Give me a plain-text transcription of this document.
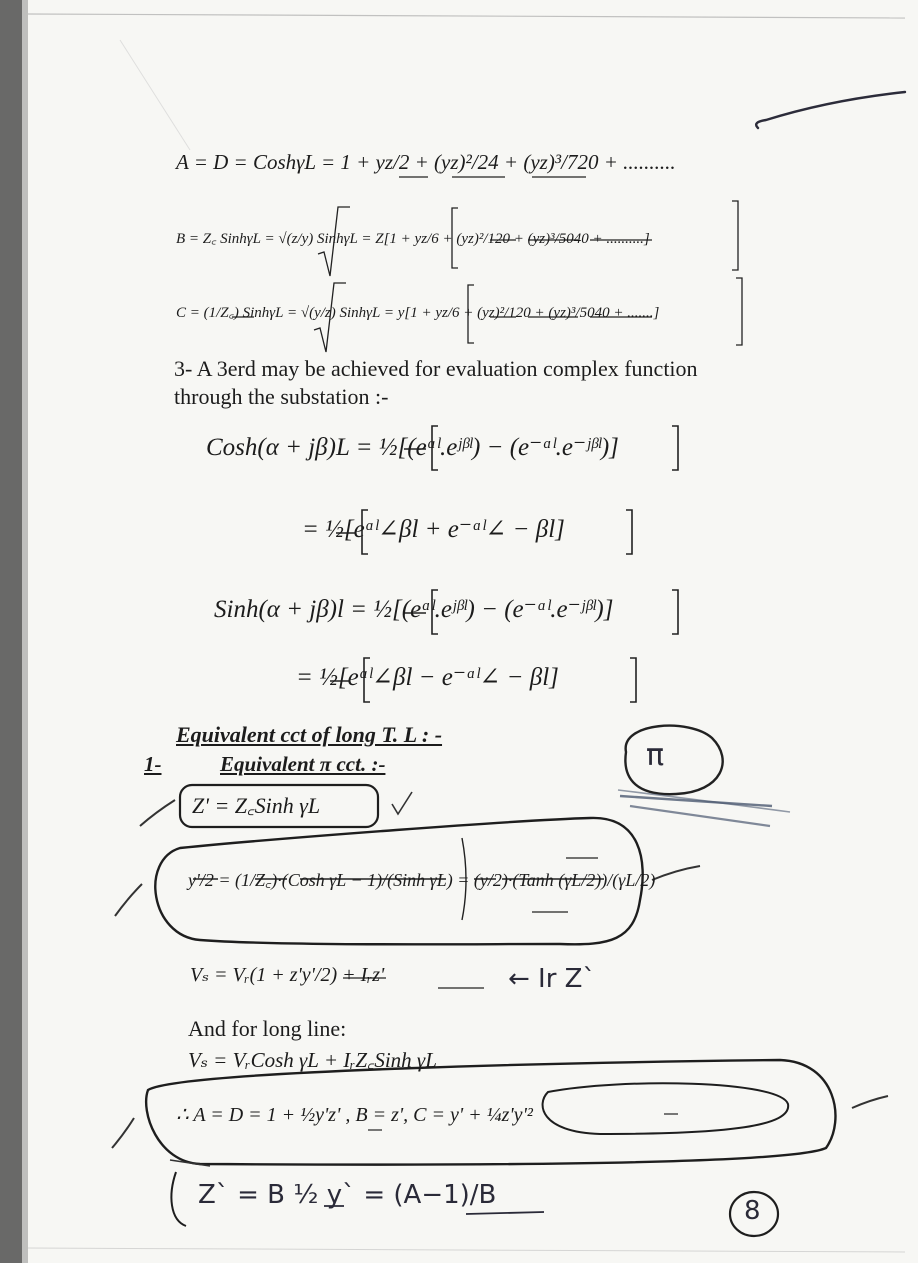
A = D = CoshγL = 1 + yz/2 + (yz)²/24 + (yz)³/720 + ..........
B = Z꜀ SinhγL = √(z/y) SinhγL = Z[1 + yz/6 + (yz)²/120 + (yz)³/5040 + ..........]
C = (1/Z꜀) SinhγL = √(y/z) SinhγL = y[1 + yz/6 + (yz)²/120 + (yz)³/5040 + .......]
3- A 3erd may be achieved for evaluation complex function
through the substation :-
Cosh(α + jβ)L = ½[(eᵅˡ.eʲᵝˡ) − (e⁻ᵅˡ.e⁻ʲᵝˡ)]
= ½[eᵅˡ∠βl + e⁻ᵅˡ∠ − βl]
Sinh(α + jβ)l = ½[(eᵅˡ.eʲᵝˡ) − (e⁻ᵅˡ.e⁻ʲᵝˡ)]
= ½[eᵅˡ∠βl − e⁻ᵅˡ∠ − βl]
Equivalent cct of long T. L : -
1-	Equivalent π cct. :-	π
Z' = Z꜀Sinh γL
y'/2 = (1/Z꜀)·(Cosh γL − 1)/(Sinh γL) = (y/2)·(Tanh (γL/2))/(γL/2)
Vₛ = Vᵣ(1 + z'y'/2) + Iᵣz'	← Ir Z`
And for long line:
Vₛ = VᵣCosh γL + IᵣZ꜀Sinh γL
∴ A = D = 1 + ½y'z' , B = z', C = y' + ¼z'y'²
Z` = B ½ y` = (A−1)/B
8
